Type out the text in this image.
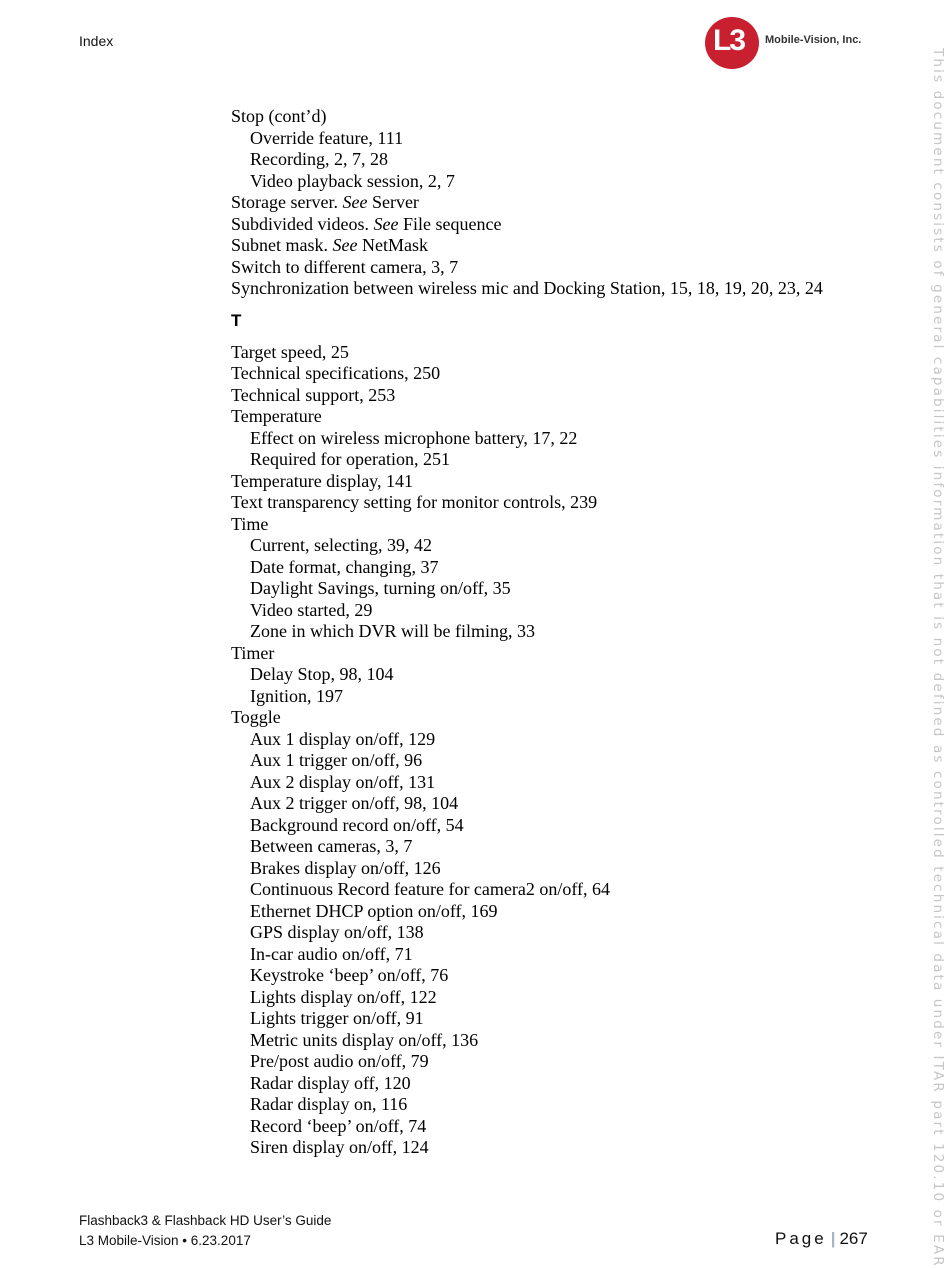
Index	L3 Mobile-Vision, Inc.
Stop (cont’d)
Override feature, 111
Recording, 2, 7, 28
Video playback session, 2, 7
Storage server. See Server
Subdivided videos. See File sequence
Subnet mask. See NetMask
Switch to different camera, 3, 7
Synchronization between wireless mic and Docking Station, 15, 18, 19, 20, 23, 24
T
Target speed, 25
Technical specifications, 250
Technical support, 253
Temperature
Effect on wireless microphone battery, 17, 22
Required for operation, 251
Temperature display, 141
Text transparency setting for monitor controls, 239
Time
Current, selecting, 39, 42
Date format, changing, 37
Daylight Savings, turning on/off, 35
Video started, 29
Zone in which DVR will be filming, 33
Timer
Delay Stop, 98, 104
Ignition, 197
Toggle
Aux 1 display on/off, 129
Aux 1 trigger on/off, 96
Aux 2 display on/off, 131
Aux 2 trigger on/off, 98, 104
Background record on/off, 54
Between cameras, 3, 7
Brakes display on/off, 126
Continuous Record feature for camera2 on/off, 64
Ethernet DHCP option on/off, 169
GPS display on/off, 138
In-car audio on/off, 71
Keystroke ‘beep’ on/off, 76
Lights display on/off, 122
Lights trigger on/off, 91
Metric units display on/off, 136
Pre/post audio on/off, 79
Radar display off, 120
Radar display on, 116
Record ‘beep’ on/off, 74
Siren display on/off, 124	This document consists of general capabilities information that is not defined as controlled technical data under ITAR part 120.10 or EAR
Flashback3 & Flashback HD User’s Guide
L3 Mobile-Vision • 6.23.2017	Page | 267
